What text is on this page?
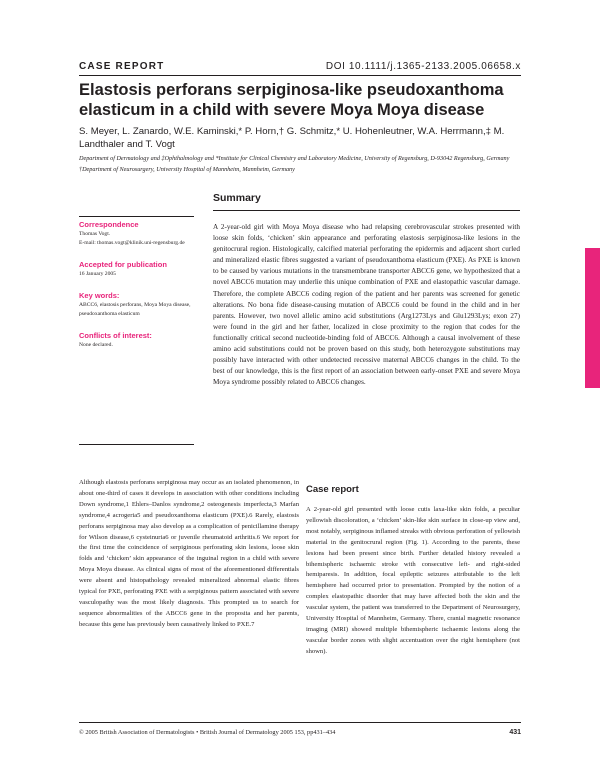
CASE REPORT	DOI 10.1111/j.1365-2133.2005.06658.x
Elastosis perforans serpiginosa-like pseudoxanthoma elasticum in a child with severe Moya Moya disease

S. Meyer, L. Zanardo, W.E. Kaminski,* P. Horn,† G. Schmitz,* U. Hohenleutner, W.A. Herrmann,‡ M. Landthaler and T. Vogt

Department of Dermatology and ‡Ophthalmology and *Institute for Clinical Chemistry and Laboratory Medicine, University of Regensburg, D-93042 Regensburg, Germany

†Department of Neurosurgery, University Hospital of Mannheim, Mannheim, Germany

Summary

Correspondence

Thomas Vogt.

E-mail: thomas.vogt@klinik.uni-regensburg.de

Accepted for publication

16 January 2005

Key words:

ABCC6, elastosis perforans, Moya Moya disease, pseudoxanthoma elasticum

Conflicts of interest:

None declared.

A 2-year-old girl with Moya Moya disease who had relapsing cerebrovascular strokes presented with loose skin folds, ‘chicken’ skin appearance and perforating elastosis serpiginosa-like lesions in the genitocrural region. Histologically, calcified material perforating the epidermis and adjacent short curled and mineralized elastic fibres suggested a variant of pseudoxanthoma elasticum (PXE). As PXE is known to be caused by various mutations in the transmembrane transporter ABCC6 gene, we hypothesized that a novel ABCC6 mutation may underlie this unique combination of PXE and elastopathic vascular damage. Therefore, the complete ABCC6 coding region of the patient and her parents was screened for genetic alterations. No bona fide disease-causing mutation of ABCC6 could be found in the child and in her parents. However, two novel allelic amino acid substitutions (Arg1273Lys and Glu1293Lys; exon 27) were found in the girl and her father, localized in close proximity to the region that codes for the functionally critical second nucleotide-binding fold of ABCC6. Although a causal involvement of these amino acid substitutions could not be proven based on this study, both heterozygote substitutions may possibly have interacted with other undetected recessive maternal ABCC6 changes in the child. To the best of our knowledge, this is the first report of an association between early-onset PXE and severe Moya Moya syndrome possibly related to ABCC6 changes.

Although elastosis perforans serpiginosa may occur as an isolated phenomenon, in about one-third of cases it develops in association with other conditions including Down syndrome,1 Ehlers–Danlos syndrome,2 osteogenesis imperfecta,3 Marfan syndrome,4 acrogeria5 and pseudoxanthoma elasticum (PXE).6 Rarely, elastosis perforans serpiginosa may also develop as a complication of penicillamine therapy for Wilson disease,6 cysteinuria6 or juvenile rheumatoid arthritis.6 We report for the first time the coincidence of serpiginous perforating skin lesions, loose skin folds and ‘chicken’ skin appearance of the inguinal region in a child with severe Moya Moya disease. As clinical signs of most of the aforementioned differentials were absent and histopathology revealed mineralized abnormal elastic fibres typical for PXE, perforating PXE with a serpiginous pattern associated with severe vasculopathy was the most likely diagnosis. This prompted us to search for sequence abnormalities of the ABCC6 gene in the proposita and her parents, because this gene has previously been causatively linked to PXE.7

Case report

A 2-year-old girl presented with loose cutis laxa-like skin folds, a peculiar yellowish discoloration, a ‘chicken’ skin-like skin surface in close-up view and, most notably, serpiginous inflamed streaks with obvious perforation of yellowish material in the genitocrural region (Fig. 1). According to the parents, these lesions had been present since birth. Further detailed history revealed a bihemispheric ischaemic stroke with consecutive left- and right-sided hemiparesis. In addition, focal epileptic seizures attributable to the left hemisphere had occurred prior to presentation. Prompted by the notion of a complex elastopathic disorder that may have affected both the skin and the vascular system, the patient was transferred to the Department of Neurosurgery, University Hospital of Mannheim, Germany. There, cranial magnetic resonance imaging (MRI) showed multiple bihemispheric ischaemic lesions along the vascular border zones with slight accentuation over the right hemisphere (not shown).

© 2005 British Association of Dermatologists • British Journal of Dermatology 2005 153, pp431–434	431
